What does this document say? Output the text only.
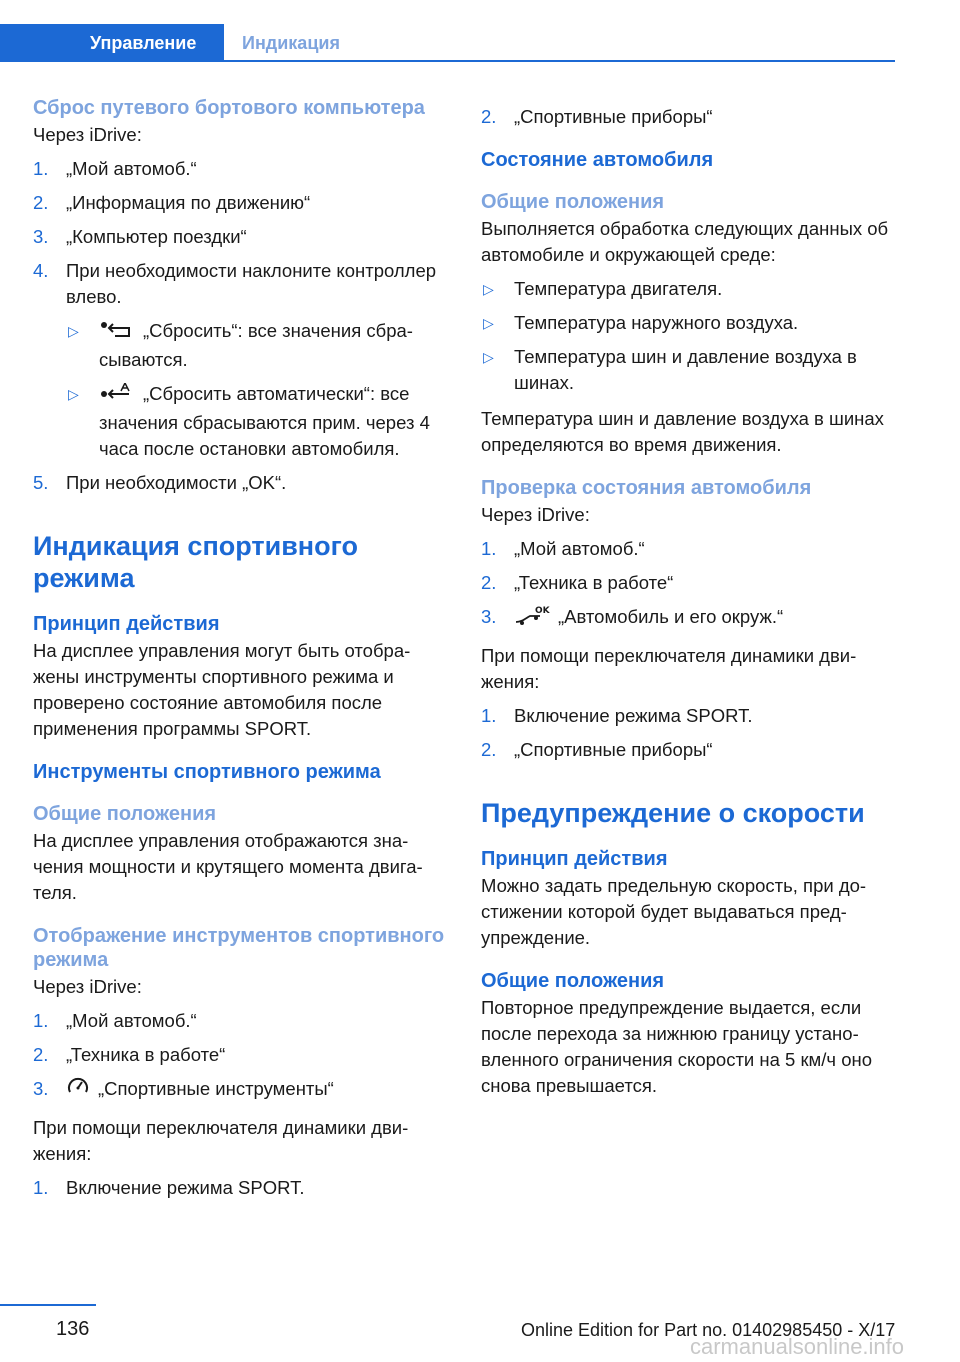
Управление	Индикация
Сброс путевого бортового компьютера

Через iDrive:

1. „Мой автомоб.“
2. „Информация по движению“
3. „Компьютер поездки“
4. При необходимости наклоните контроллер влево.
▷	„Сбросить“: все значения сбрасываются.
▷	„Сбросить автоматически“: все значения сбрасываются прим. через 4 часа после остановки автомобиля.
5. При необходимости „OK“.
Индикация спортивного режима
Принцип действия

На дисплее управления могут быть отображены инструменты спортивного режима и проверено состояние автомобиля после применения программы SPORT.

Инструменты спортивного режима
Общие положения

На дисплее управления отображаются значения мощности и крутящего момента двигателя.

Отображение инструментов спортивного режима

Через iDrive:

1. „Мой автомоб.“
2. „Техника в работе“
3.	„Спортивные инструменты“

При помощи переключателя динамики движения:

1. Включение режима SPORT.
2. „Спортивные приборы“
Состояние автомобиля
Общие положения

Выполняется обработка следующих данных об автомобиле и окружающей среде:

▷ Температура двигателя.
▷ Температура наружного воздуха.
▷ Температура шин и давление воздуха в шинах.

Температура шин и давление воздуха в шинах определяются во время движения.

Проверка состояния автомобиля

Через iDrive:

1. „Мой автомоб.“
2. „Техника в работе“
3.	OK „Автомобиль и его окруж.“

При помощи переключателя динамики движения:

1. Включение режима SPORT.
2. „Спортивные приборы“
Предупреждение о скорости
Принцип действия

Можно задать предельную скорость, при достижении которой будет выдаваться предупреждение.

Общие положения

Повторное предупреждение выдается, если после перехода за нижнюю границу установленного ограничения скорости на 5 км/ч оно снова превышается.

136	Online Edition for Part no. 01402985450 - X/17
carmanualsonline.info
